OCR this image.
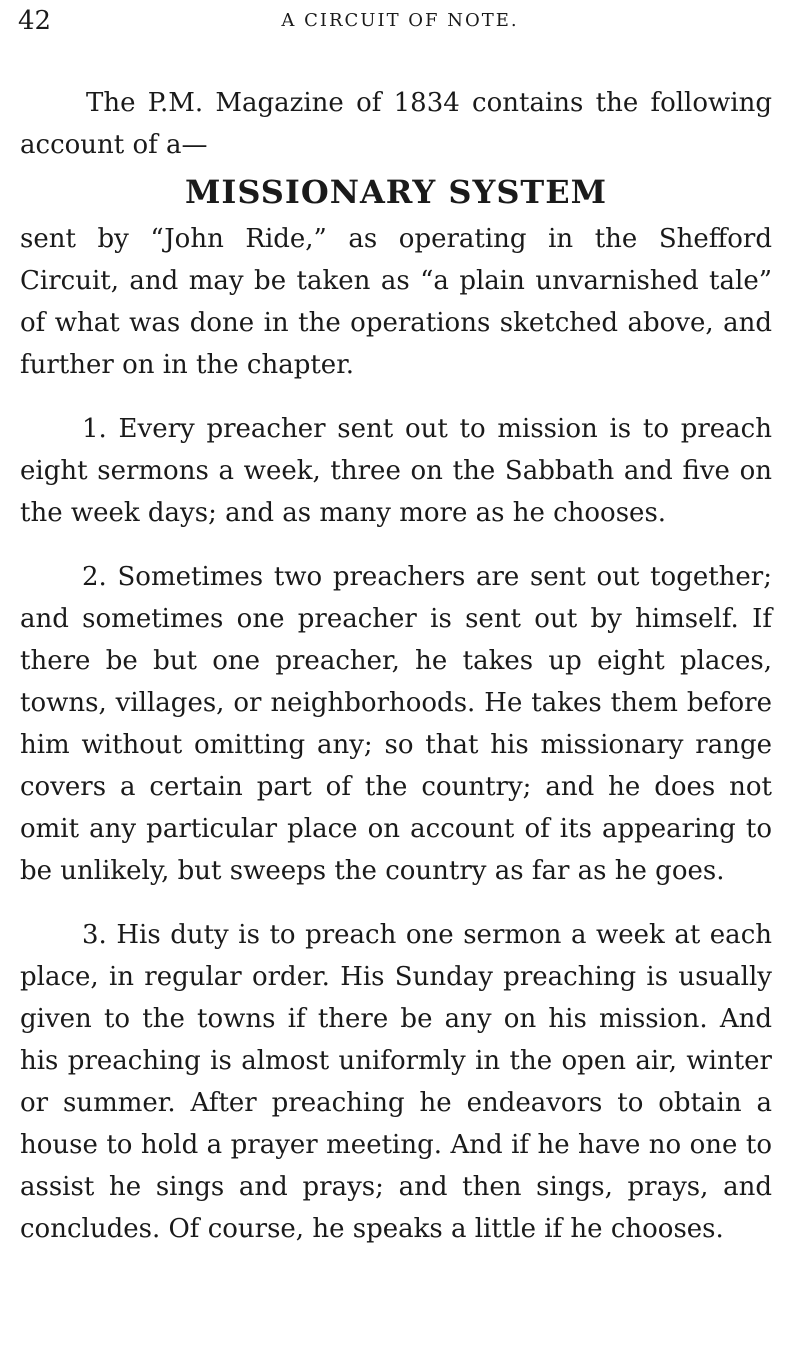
42	A CIRCUIT OF NOTE.

The P.M. Magazine of 1834 contains the following account of a—

MISSIONARY SYSTEM

sent by “John Ride,” as operating in the Shefford Circuit, and may be taken as “a plain unvarnished tale” of what was done in the operations sketched above, and further on in the chapter.

1. Every preacher sent out to mission is to preach eight sermons a week, three on the Sabbath and five on the week days; and as many more as he chooses.

2. Sometimes two preachers are sent out together; and sometimes one preacher is sent out by himself. If there be but one preacher, he takes up eight places, towns, villages, or neighborhoods. He takes them before him without omitting any; so that his missionary range covers a certain part of the country; and he does not omit any particular place on account of its appearing to be unlikely, but sweeps the country as far as he goes.

3. His duty is to preach one sermon a week at each place, in regular order. His Sunday preaching is usually given to the towns if there be any on his mission. And his preaching is almost uniformly in the open air, winter or summer. After preaching he endeavors to obtain a house to hold a prayer meeting. And if he have no one to assist he sings and prays; and then sings, prays, and concludes. Of course, he speaks a little if he chooses.
